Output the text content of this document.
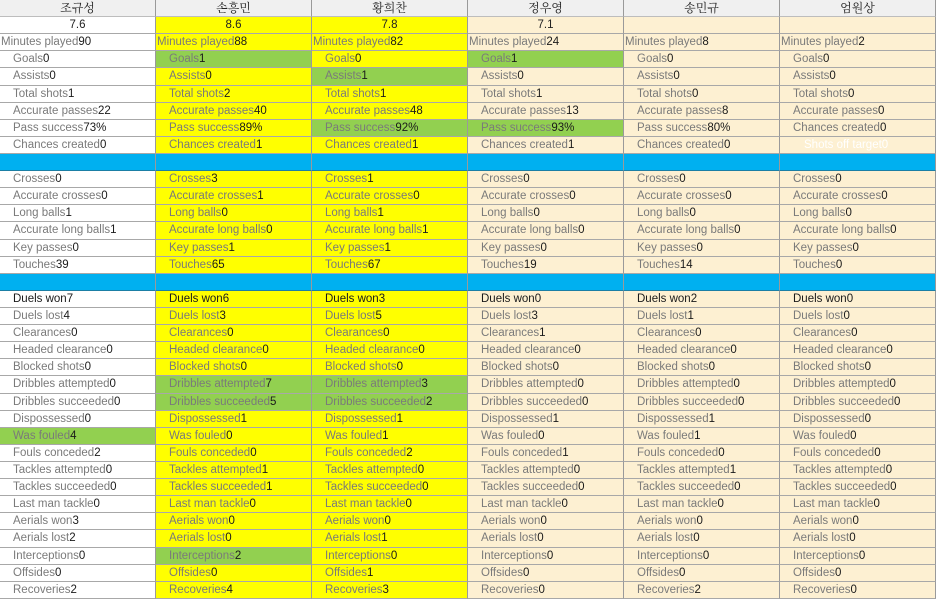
조규성	손흥민	황희찬	정우영	송민규	엄원상
7.6	8.6	7.8	7.1
Minutes played90	Minutes played88	Minutes played82	Minutes played24	Minutes played8	Minutes played2
Goals0	Goals1	Goals0	Goals1	Goals0	Goals0
Assists0	Assists0	Assists1	Assists0	Assists0	Assists0
Total shots1	Total shots2	Total shots1	Total shots1	Total shots0	Total shots0
Accurate passes22	Accurate passes40	Accurate passes48	Accurate passes13	Accurate passes8	Accurate passes0
Pass success73%	Pass success89%	Pass success92%	Pass success93%	Pass success80%	Chances created0
Chances created0	Chances created1	Chances created1	Chances created1	Chances created0	Shots off target0
Crosses0	Crosses3	Crosses1	Crosses0	Crosses0	Crosses0
Accurate crosses0	Accurate crosses1	Accurate crosses0	Accurate crosses0	Accurate crosses0	Accurate crosses0
Long balls1	Long balls0	Long balls1	Long balls0	Long balls0	Long balls0
Accurate long balls1	Accurate long balls0	Accurate long balls1	Accurate long balls0	Accurate long balls0	Accurate long balls0
Key passes0	Key passes1	Key passes1	Key passes0	Key passes0	Key passes0
Touches39	Touches65	Touches67	Touches19	Touches14	Touches0
Duels won7	Duels won6	Duels won3	Duels won0	Duels won2	Duels won0
Duels lost4	Duels lost3	Duels lost5	Duels lost3	Duels lost1	Duels lost0
Clearances0	Clearances0	Clearances0	Clearances1	Clearances0	Clearances0
Headed clearance0	Headed clearance0	Headed clearance0	Headed clearance0	Headed clearance0	Headed clearance0
Blocked shots0	Blocked shots0	Blocked shots0	Blocked shots0	Blocked shots0	Blocked shots0
Dribbles attempted0	Dribbles attempted7	Dribbles attempted3	Dribbles attempted0	Dribbles attempted0	Dribbles attempted0
Dribbles succeeded0	Dribbles succeeded5	Dribbles succeeded2	Dribbles succeeded0	Dribbles succeeded0	Dribbles succeeded0
Dispossessed0	Dispossessed1	Dispossessed1	Dispossessed1	Dispossessed1	Dispossessed0
Was fouled4	Was fouled0	Was fouled1	Was fouled0	Was fouled1	Was fouled0
Fouls conceded2	Fouls conceded0	Fouls conceded2	Fouls conceded1	Fouls conceded0	Fouls conceded0
Tackles attempted0	Tackles attempted1	Tackles attempted0	Tackles attempted0	Tackles attempted1	Tackles attempted0
Tackles succeeded0	Tackles succeeded1	Tackles succeeded0	Tackles succeeded0	Tackles succeeded0	Tackles succeeded0
Last man tackle0	Last man tackle0	Last man tackle0	Last man tackle0	Last man tackle0	Last man tackle0
Aerials won3	Aerials won0	Aerials won0	Aerials won0	Aerials won0	Aerials won0
Aerials lost2	Aerials lost0	Aerials lost1	Aerials lost0	Aerials lost0	Aerials lost0
Interceptions0	Interceptions2	Interceptions0	Interceptions0	Interceptions0	Interceptions0
Offsides0	Offsides0	Offsides1	Offsides0	Offsides0	Offsides0
Recoveries2	Recoveries4	Recoveries3	Recoveries0	Recoveries2	Recoveries0
